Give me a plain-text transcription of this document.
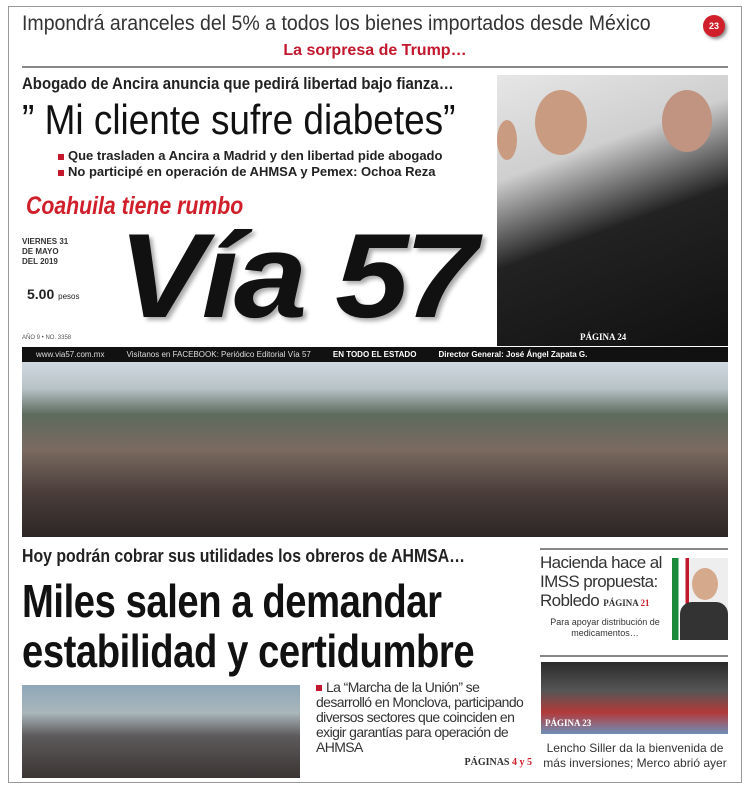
Impondrá aranceles del 5% a todos los bienes importados desde México	23
La sorpresa de Trump…
Abogado de Ancira anuncia que pedirá libertad bajo fianza…
” Mi cliente sufre diabetes”
Que trasladen a Ancira a Madrid y den libertad pide abogado
No participé en operación de AHMSA y Pemex: Ochoa Reza
Coahuila tiene rumbo
Vía 57
VIERNES 31
DE MAYO
DEL 2019
5.00 pesos
AÑO 9 • NO. 3358
www.via57.com.mx	Visítanos en FACEBOOK: Periódico Editorial Vía 57	EN TODO EL ESTADO	Director General: José Ángel Zapata G.
PÁGINA 24
Hoy podrán cobrar sus utilidades los obreros de AHMSA…
Miles salen a demandar
estabilidad y certidumbre
La “Marcha de la Unión” se desarrolló en Monclova, participando diversos sectores que coinciden en exigir garantías para operación de AHMSA
PÁGINAS 4 y 5
Hacienda hace al IMSS propuesta: Robledo PÁGINA 21
Para apoyar distribución de medicamentos…
PÁGINA 23
Lencho Siller da la bienvenida de más inversiones; Merco abrió ayer
